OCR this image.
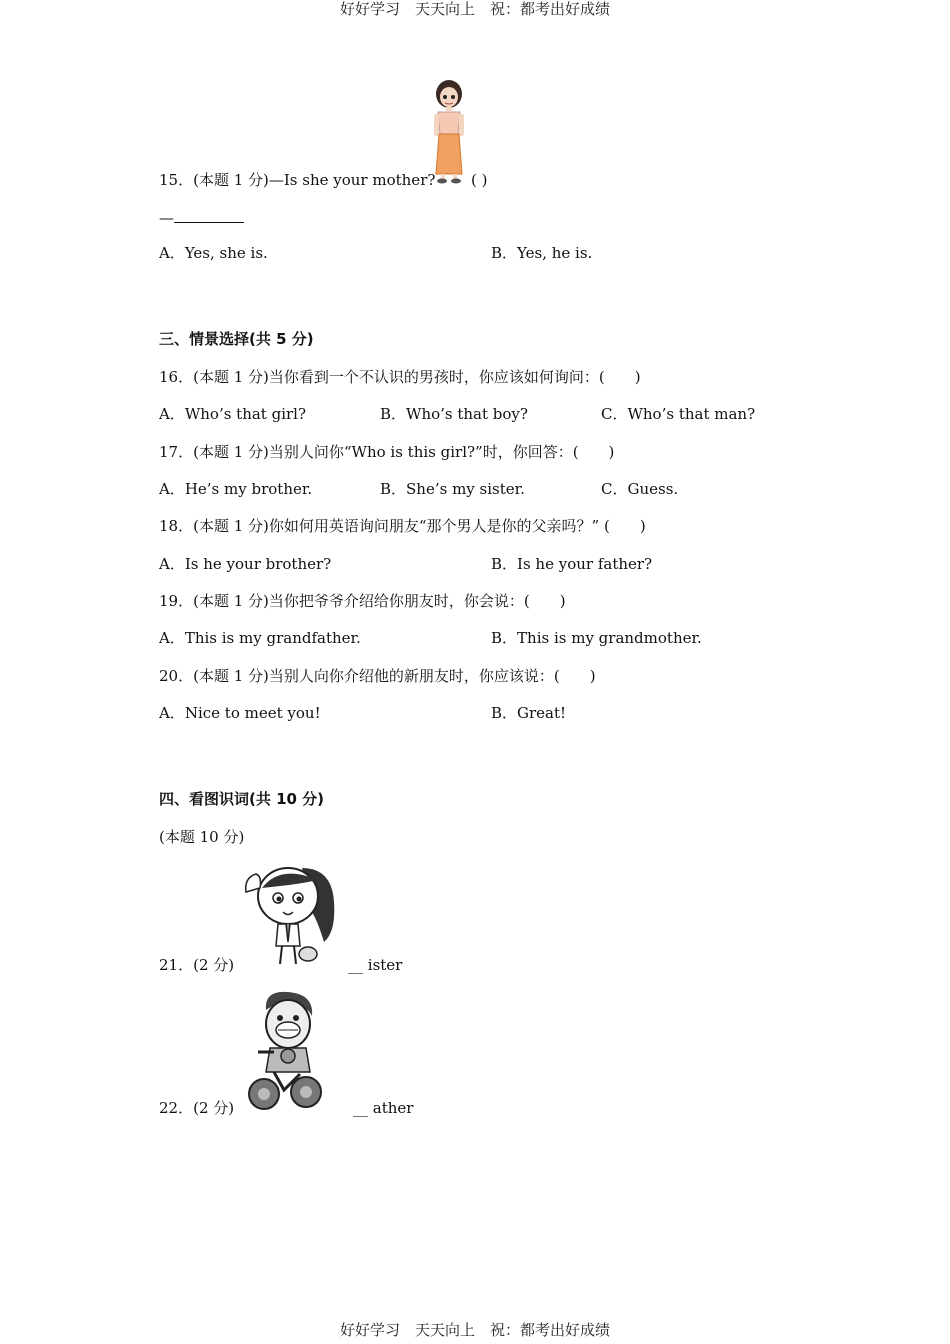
好好学习　天天向上　祝：都考出好成绩
15．(本题 1 分)—Is she your mother? ( )
—
A．Yes, she is.	B．Yes, he is.
三、情景选择(共 5 分)
16．(本题 1 分)当你看到一个不认识的男孩时，你应该如何询问：(　　)
A．Who’s that girl?	B．Who’s that boy?	C．Who’s that man?
17．(本题 1 分)当别人问你“Who is this girl?”时，你回答：(　　)
A．He’s my brother.	B．She’s my sister.	C．Guess.
18．(本题 1 分)你如何用英语询问朋友“那个男人是你的父亲吗？” (　　)
A．Is he your brother?	B．Is he your father?
19．(本题 1 分)当你把爷爷介绍给你朋友时，你会说：(　　)
A．This is my grandfather.	B．This is my grandmother.
20．(本题 1 分)当别人向你介绍他的新朋友时，你应该说：(　　)
A．Nice to meet you!	B．Great!
四、看图识词(共 10 分)
(本题 10 分)
21．(2 分)	__ ister
22．(2 分)	__ ather
好好学习　天天向上　祝：都考出好成绩
